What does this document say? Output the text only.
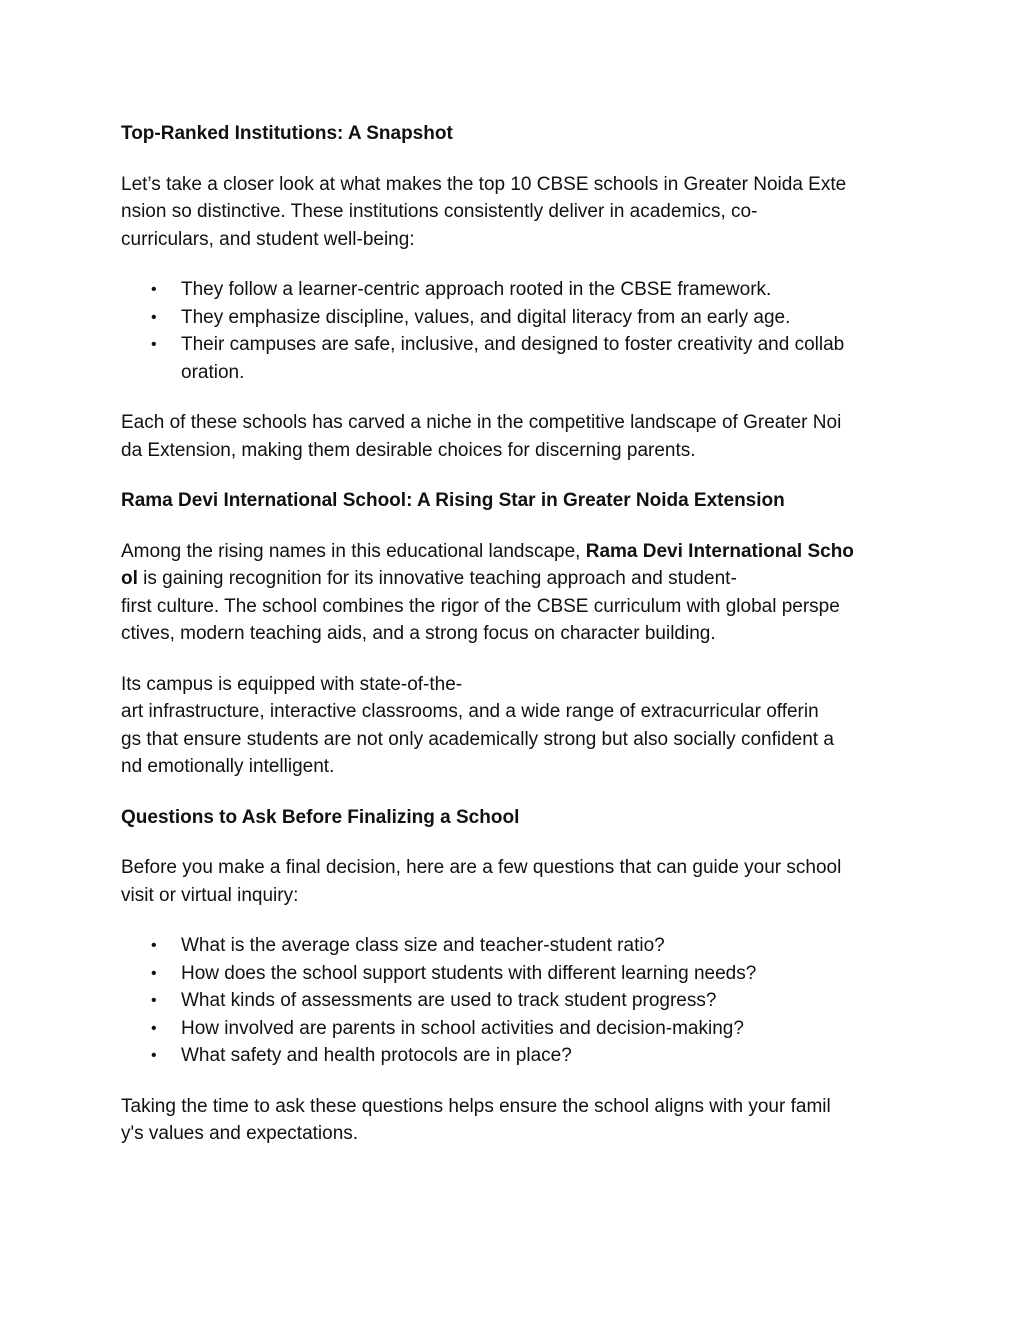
Top-Ranked Institutions: A Snapshot
Let’s take a closer look at what makes the top 10 CBSE schools in Greater Noida Exte
nsion so distinctive. These institutions consistently deliver in academics, co-
curriculars, and student well-being:
• They follow a learner-centric approach rooted in the CBSE framework.
• They emphasize discipline, values, and digital literacy from an early age.
• Their campuses are safe, inclusive, and designed to foster creativity and collab
oration.
Each of these schools has carved a niche in the competitive landscape of Greater Noi
da Extension, making them desirable choices for discerning parents.
Rama Devi International School: A Rising Star in Greater Noida Extension
Among the rising names in this educational landscape, Rama Devi International Scho
ol is gaining recognition for its innovative teaching approach and student-
first culture. The school combines the rigor of the CBSE curriculum with global perspe
ctives, modern teaching aids, and a strong focus on character building.
Its campus is equipped with state-of-the-
art infrastructure, interactive classrooms, and a wide range of extracurricular offerin
gs that ensure students are not only academically strong but also socially confident a
nd emotionally intelligent.
Questions to Ask Before Finalizing a School
Before you make a final decision, here are a few questions that can guide your school
visit or virtual inquiry:
• What is the average class size and teacher-student ratio?
• How does the school support students with different learning needs?
• What kinds of assessments are used to track student progress?
• How involved are parents in school activities and decision-making?
• What safety and health protocols are in place?
Taking the time to ask these questions helps ensure the school aligns with your famil
y's values and expectations.
